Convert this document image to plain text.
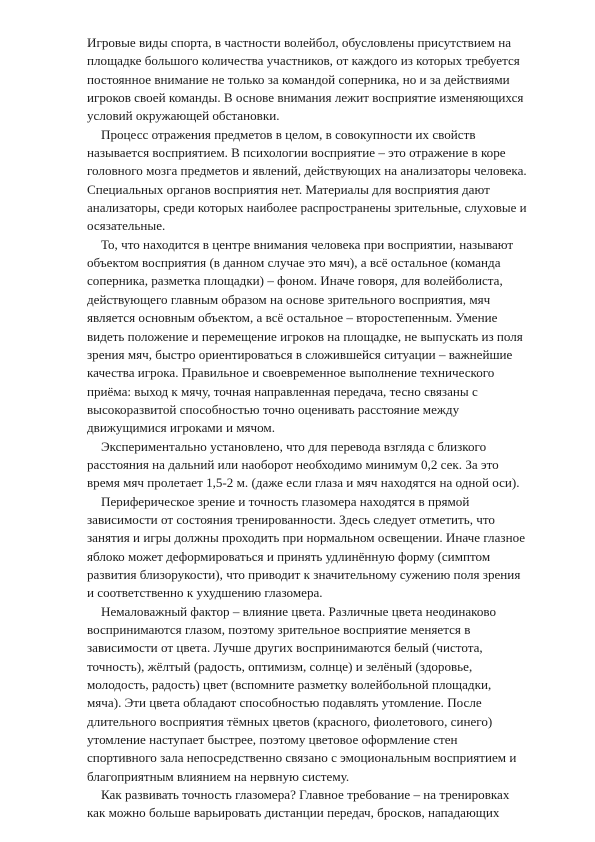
Игровые виды спорта, в частности волейбол, обусловлены присутствием на
площадке большого количества участников, от каждого из которых требуется
постоянное внимание не только за командой соперника, но и за действиями
игроков своей команды. В основе внимания лежит восприятие изменяющихся
условий окружающей обстановки.
Процесс отражения предметов в целом, в совокупности их свойств
называется восприятием. В психологии восприятие – это отражение в коре
головного мозга предметов и явлений, действующих на анализаторы человека.
Специальных органов восприятия нет. Материалы для восприятия дают
анализаторы, среди которых наиболее распространены зрительные, слуховые и
осязательные.
То, что находится в центре внимания человека при восприятии, называют
объектом восприятия (в данном случае это мяч), а всё остальное (команда
соперника, разметка площадки) – фоном. Иначе говоря, для волейболиста,
действующего главным образом на основе зрительного восприятия, мяч
является основным объектом, а всё остальное – второстепенным. Умение
видеть положение и перемещение игроков на площадке, не выпускать из поля
зрения мяч, быстро ориентироваться в сложившейся ситуации – важнейшие
качества игрока. Правильное и своевременное выполнение технического
приёма: выход к мячу, точная направленная передача, тесно связаны с
высокоразвитой способностью точно оценивать расстояние между
движущимися игроками и мячом.
Экспериментально установлено, что для перевода взгляда с близкого
расстояния на дальний или наоборот необходимо минимум 0,2 сек. За это
время мяч пролетает 1,5-2 м. (даже если глаза и мяч находятся на одной оси).
Периферическое зрение и точность глазомера находятся в прямой
зависимости от состояния тренированности. Здесь следует отметить, что
занятия и игры должны проходить при нормальном освещении. Иначе глазное
яблоко может деформироваться и принять удлинённую форму (симптом
развития близорукости), что приводит к значительному сужению поля зрения
и соответственно к ухудшению глазомера.
Немаловажный фактор – влияние цвета. Различные цвета неодинаково
воспринимаются глазом, поэтому зрительное восприятие меняется в
зависимости от цвета. Лучше других воспринимаются белый (чистота,
точность), жёлтый (радость, оптимизм, солнце) и зелёный (здоровье,
молодость, радость) цвет (вспомните разметку волейбольной площадки,
мяча). Эти цвета обладают способностью подавлять утомление. После
длительного восприятия тёмных цветов (красного, фиолетового, синего)
утомление наступает быстрее, поэтому цветовое оформление стен
спортивного зала непосредственно связано с эмоциональным восприятием и
благоприятным влиянием на нервную систему.
Как развивать точность глазомера? Главное требование – на тренировках
как можно больше варьировать дистанции передач, бросков, нападающих
